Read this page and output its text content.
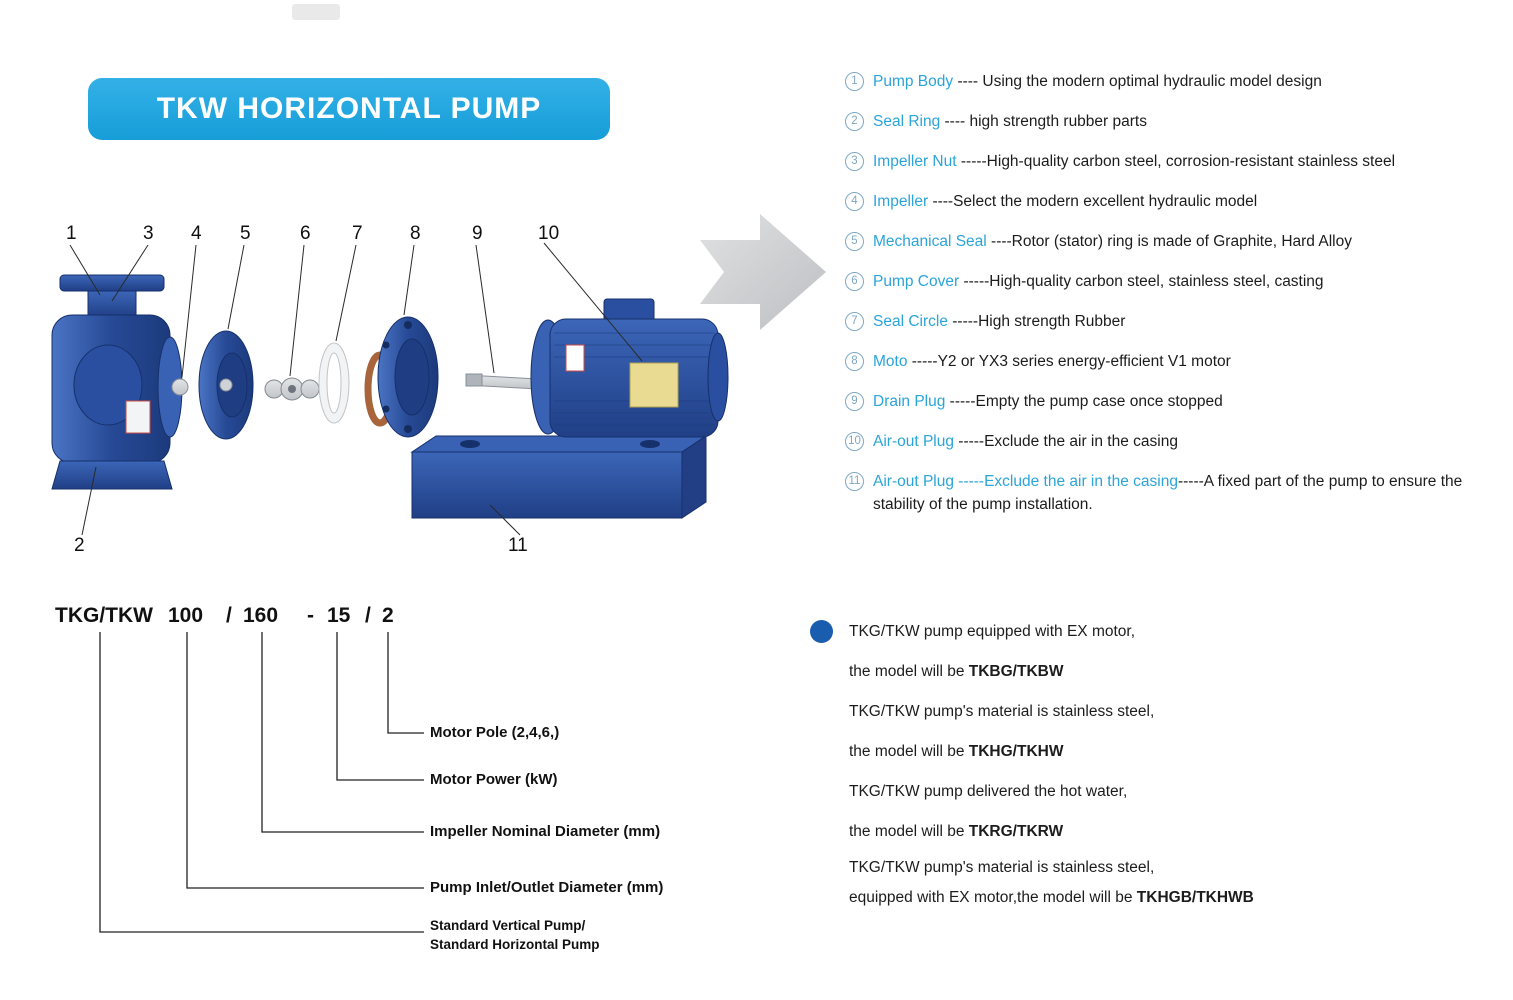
TKW HORIZONTAL PUMP
1	3 4 5	6 7 8	9	10
2	11
1 Pump Body ---- Using the modern optimal hydraulic model design
2 Seal Ring ---- high strength rubber parts
3 Impeller Nut -----High-quality carbon steel, corrosion-resistant stainless steel
4 Impeller ----Select the modern excellent hydraulic model
5 Mechanical Seal ----Rotor (stator) ring is made of Graphite, Hard Alloy
6 Pump Cover -----High-quality carbon steel, stainless steel, casting
7 Seal Circle -----High strength Rubber
8 Moto -----Y2 or YX3 series energy-efficient V1 motor
9 Drain Plug -----Empty the pump case once stopped
10 Air-out Plug -----Exclude the air in the casing
11 Air-out Plug -----Exclude the air in the casing-----A fixed part of the pump to ensure the stability of the pump installation.
TKG/TKW 100 / 160 - 15 / 2
Motor Pole (2,4,6,)
Motor Power (kW)
Impeller Nominal Diameter (mm)
Pump Inlet/Outlet Diameter (mm)
Standard Vertical Pump/
Standard Horizontal Pump
TKG/TKW pump equipped with EX motor,
the model will be TKBG/TKBW
TKG/TKW pump's material is stainless steel,
the model will be TKHG/TKHW
TKG/TKW pump delivered the hot water,
the model will be TKRG/TKRW
TKG/TKW pump's material is stainless steel,
equipped with EX motor,the model will be TKHGB/TKHWB
